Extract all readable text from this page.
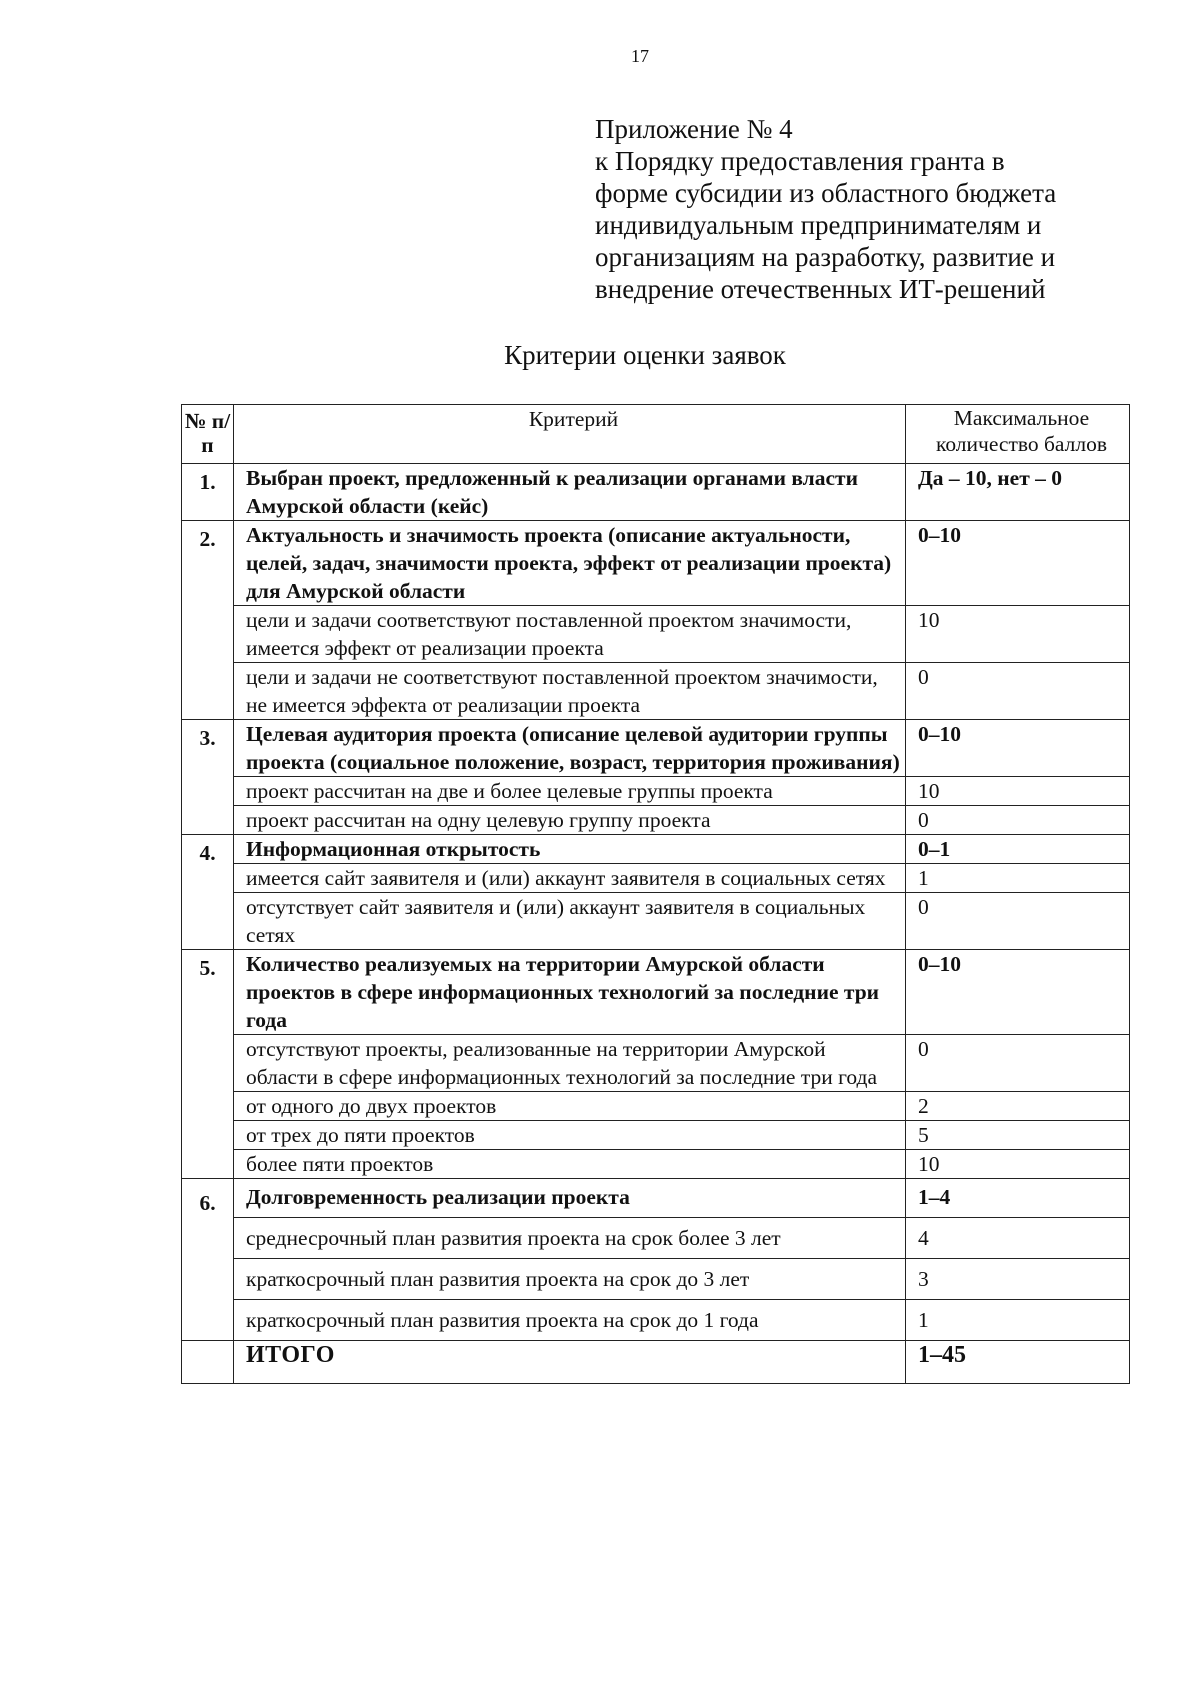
17
Приложение № 4
к Порядку предоставления гранта в
форме субсидии из областного бюджета
индивидуальным предпринимателям и
организациям на разработку, развитие и
внедрение отечественных ИТ-решений
Критерии оценки заявок
№ п/п	Критерий	Максимальное количество баллов
1.	Выбран проект, предложенный к реализации органами власти Амурской области (кейс)	Да – 10, нет – 0
2.	Актуальность и значимость проекта (описание актуальности, целей, задач, значимости проекта, эффект от реализации проекта) для Амурской области	0–10
	цели и задачи соответствуют поставленной проектом значимости, имеется эффект от реализации проекта	10
	цели и задачи не соответствуют поставленной проектом значимости, не имеется эффекта от реализации проекта	0
3.	Целевая аудитория проекта (описание целевой аудитории группы проекта (социальное положение, возраст, территория проживания)	0–10
	проект рассчитан на две и более целевые группы проекта	10
	проект рассчитан на одну целевую группу проекта	0
4.	Информационная открытость	0–1
	имеется сайт заявителя и (или) аккаунт заявителя в социальных сетях	1
	отсутствует сайт заявителя и (или) аккаунт заявителя в социальных сетях	0
5.	Количество реализуемых на территории Амурской области проектов в сфере информационных технологий за последние три года	0–10
	отсутствуют проекты, реализованные на территории Амурской области в сфере информационных технологий за последние три года	0
	от одного до двух проектов	2
	от трех до пяти проектов	5
	более пяти проектов	10
6.	Долговременность реализации проекта	1–4
	среднесрочный план развития проекта на срок более 3 лет	4
	краткосрочный план развития проекта на срок до 3 лет	3
	краткосрочный план развития проекта на срок до 1 года	1
	ИТОГО	1–45
